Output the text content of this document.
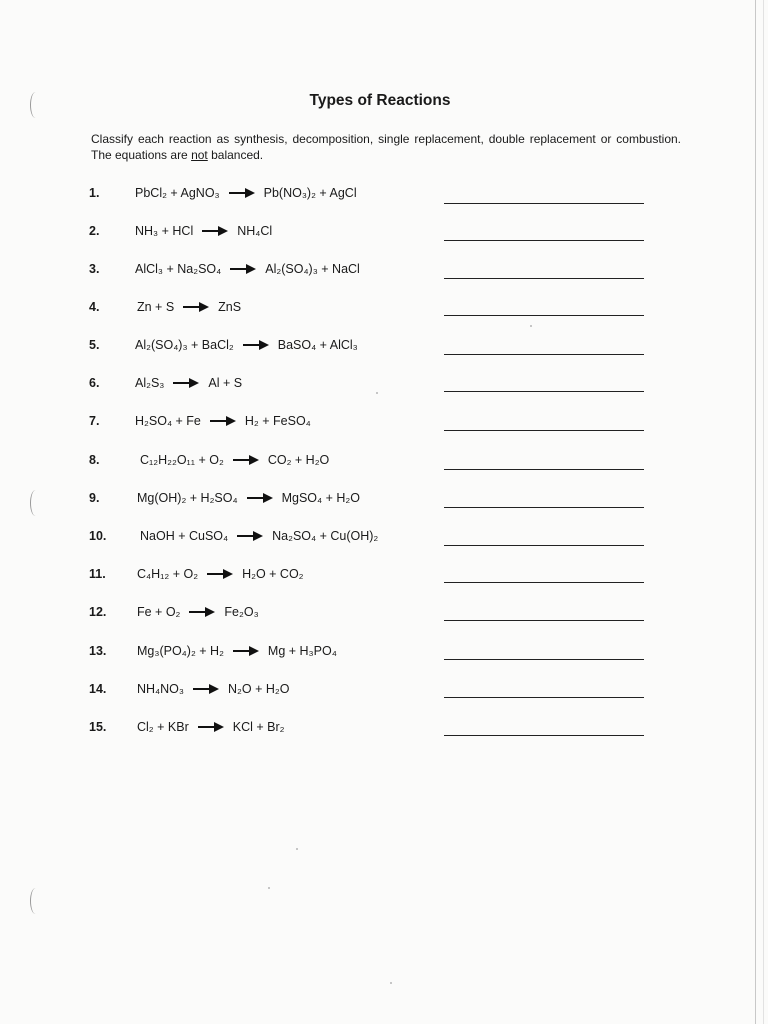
Types of Reactions
Classify each reaction as synthesis, decomposition, single replacement, double replacement or combustion. The equations are not balanced.
1.	PbCl₂ + AgNO₃	Pb(NO₃)₂ + AgCl
2.	NH₃ + HCl	NH₄Cl
3.	AlCl₃ + Na₂SO₄	Al₂(SO₄)₃ + NaCl
4.	Zn + S	ZnS
5.	Al₂(SO₄)₃ + BaCl₂	BaSO₄ + AlCl₃
6.	Al₂S₃	Al + S
7.	H₂SO₄ + Fe	H₂ + FeSO₄
8.	C₁₂H₂₂O₁₁ + O₂	CO₂ + H₂O
9.	Mg(OH)₂ + H₂SO₄	MgSO₄ + H₂O
10.	NaOH + CuSO₄	Na₂SO₄ + Cu(OH)₂
11.	C₄H₁₂ + O₂	H₂O + CO₂
12. Fe + O₂	Fe₂O₃
13. Mg₃(PO₄)₂ + H₂	Mg + H₃PO₄
14. NH₄NO₃	N₂O + H₂O
15. Cl₂ + KBr	KCl + Br₂
